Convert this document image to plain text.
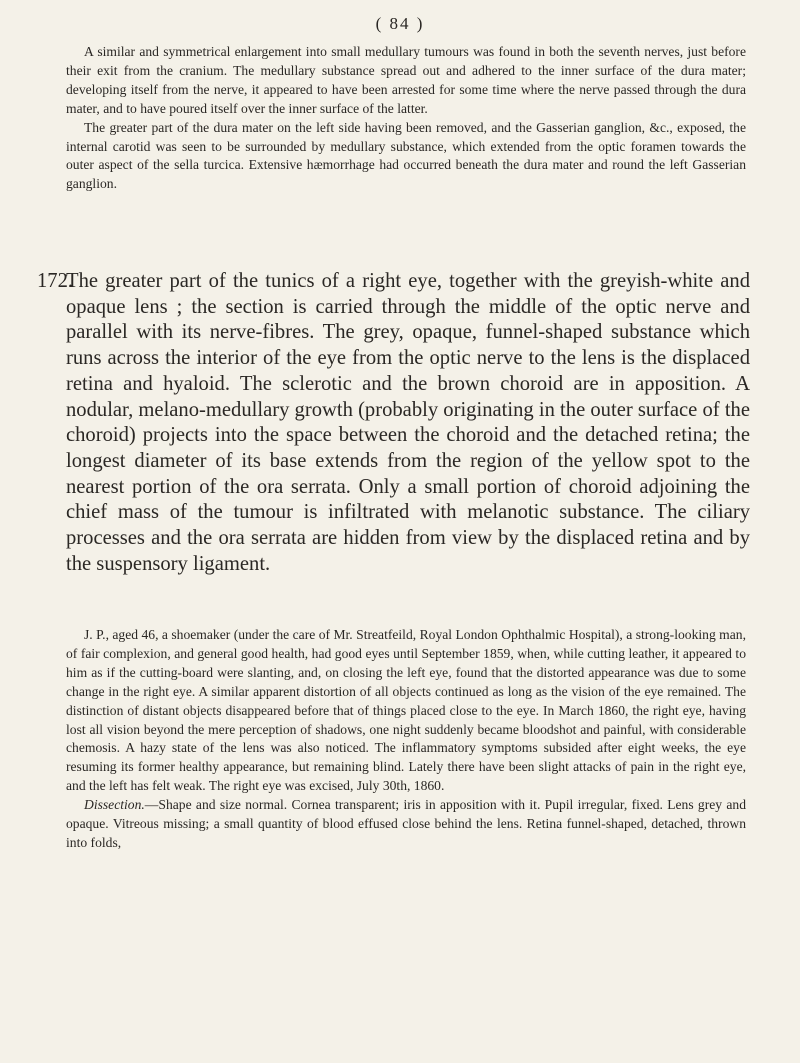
( 84 )

A similar and symmetrical enlargement into small medullary tumours was found in both the seventh nerves, just before their exit from the cranium. The medullary substance spread out and adhered to the inner surface of the dura mater; developing itself from the nerve, it appeared to have been arrested for some time where the nerve passed through the dura mater, and to have poured itself over the inner surface of the latter.

The greater part of the dura mater on the left side having been removed, and the Gasserian ganglion, &c., exposed, the internal carotid was seen to be surrounded by medullary substance, which extended from the optic foramen towards the outer aspect of the sella turcica. Extensive hæmorrhage had occurred beneath the dura mater and round the left Gasserian ganglion.

172.

The greater part of the tunics of a right eye, together with the greyish-white and opaque lens ; the section is carried through the middle of the optic nerve and parallel with its nerve-fibres. The grey, opaque, funnel-shaped substance which runs across the interior of the eye from the optic nerve to the lens is the displaced retina and hyaloid. The sclerotic and the brown choroid are in apposition. A nodular, melano-medullary growth (probably originating in the outer surface of the choroid) projects into the space between the choroid and the detached retina; the longest diameter of its base extends from the region of the yellow spot to the nearest portion of the ora serrata. Only a small portion of choroid adjoining the chief mass of the tumour is infiltrated with melanotic substance. The ciliary processes and the ora serrata are hidden from view by the displaced retina and by the suspensory ligament.

J. P., aged 46, a shoemaker (under the care of Mr. Streatfeild, Royal London Ophthalmic Hospital), a strong-looking man, of fair complexion, and general good health, had good eyes until September 1859, when, while cutting leather, it appeared to him as if the cutting-board were slanting, and, on closing the left eye, found that the distorted appearance was due to some change in the right eye. A similar apparent distortion of all objects continued as long as the vision of the eye remained. The distinction of distant objects disappeared before that of things placed close to the eye. In March 1860, the right eye, having lost all vision beyond the mere perception of shadows, one night suddenly became bloodshot and painful, with considerable chemosis. A hazy state of the lens was also noticed. The inflammatory symptoms subsided after eight weeks, the eye resuming its former healthy appearance, but remaining blind. Lately there have been slight attacks of pain in the right eye, and the left has felt weak. The right eye was excised, July 30th, 1860.

Dissection.—Shape and size normal. Cornea transparent; iris in apposition with it. Pupil irregular, fixed. Lens grey and opaque. Vitreous missing; a small quantity of blood effused close behind the lens. Retina funnel-shaped, detached, thrown into folds,
